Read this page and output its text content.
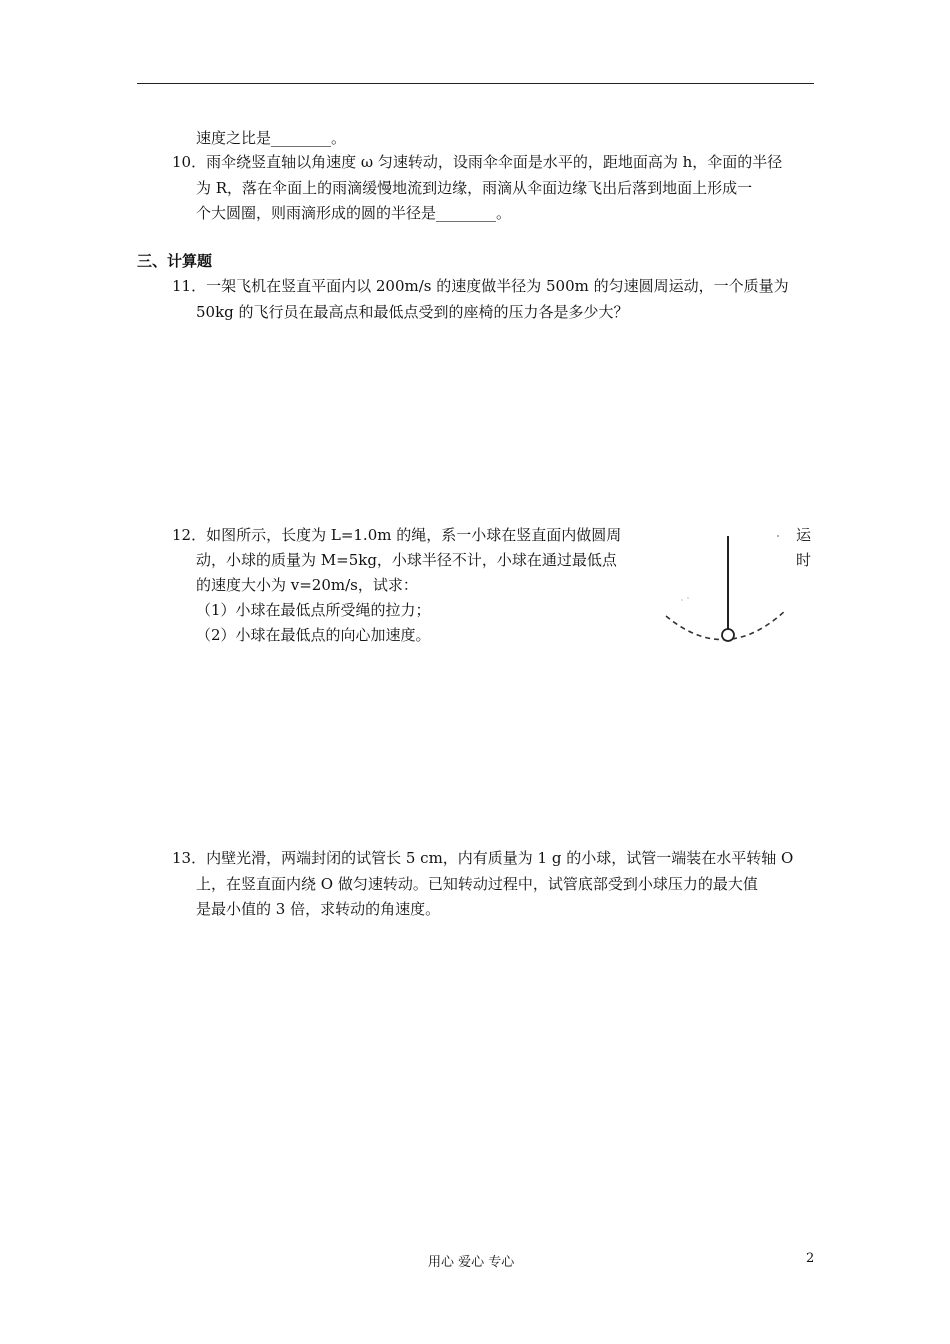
速度之比是________。
10．雨伞绕竖直轴以角速度 ω 匀速转动，设雨伞伞面是水平的，距地面高为 h，伞面的半径
为 R，落在伞面上的雨滴缓慢地流到边缘，雨滴从伞面边缘飞出后落到地面上形成一
个大圆圈，则雨滴形成的圆的半径是________。
三、计算题
11．一架飞机在竖直平面内以 200m/s 的速度做半径为 500m 的匀速圆周运动，一个质量为
50kg 的飞行员在最高点和最低点受到的座椅的压力各是多少大？
12．如图所示，长度为 L=1.0m 的绳，系一小球在竖直面内做圆周	运
动，小球的质量为 M=5kg，小球半径不计，小球在通过最低点	时
的速度大小为 v=20m/s，试求：
（1）小球在最低点所受绳的拉力；
（2）小球在最低点的向心加速度。
13．内壁光滑，两端封闭的试管长 5 cm，内有质量为 1 g 的小球，试管一端装在水平转轴 O
上，在竖直面内绕 O 做匀速转动。已知转动过程中，试管底部受到小球压力的最大值
是最小值的 3 倍，求转动的角速度。
用心 爱心 专心	2
